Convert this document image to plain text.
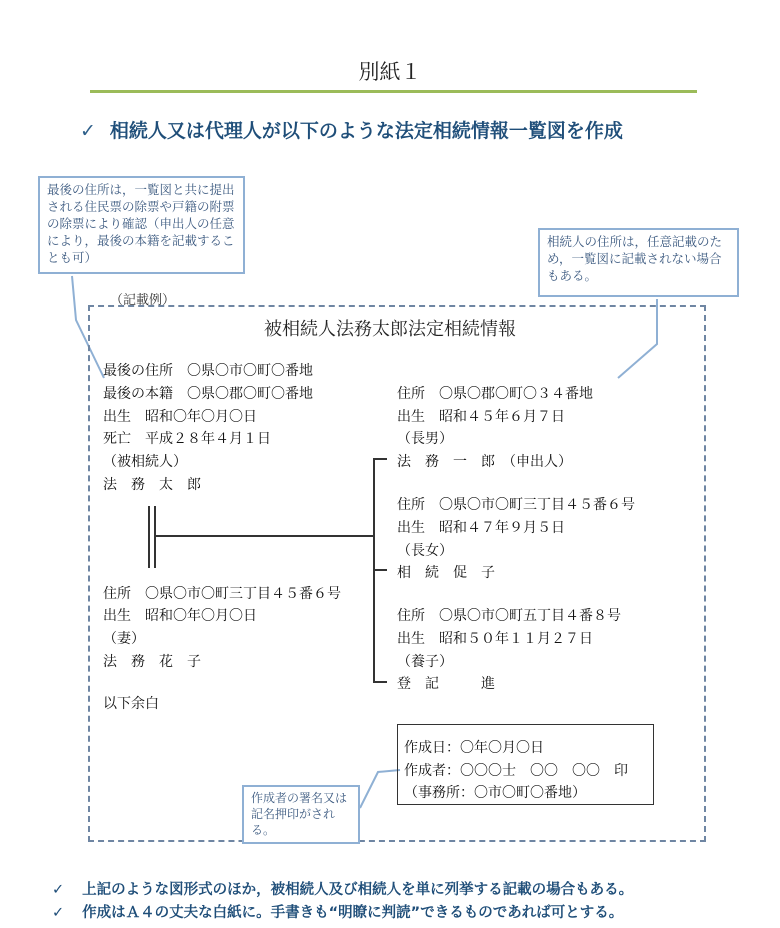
別紙１
✓ 相続人又は代理人が以下のような法定相続情報一覧図を作成
最後の住所は，一覧図と共に提出される住民票の除票や戸籍の附票の除票により確認（申出人の任意により，最後の本籍を記載することも可）
相続人の住所は，任意記載のため，一覧図に記載されない場合もある。
（記載例）
被相続人法務太郎法定相続情報
最後の住所　〇県〇市〇町〇番地
最後の本籍　〇県〇郡〇町〇番地
出生　昭和〇年〇月〇日
死亡　平成２８年４月１日
（被相続人）
法　務　太　郎
住所　〇県〇市〇町三丁目４５番６号
出生　昭和〇年〇月〇日
（妻）
法　務　花　子
以下余白
住所　〇県〇郡〇町〇３４番地
出生　昭和４５年６月７日
（長男）
法　務　一　郎　（申出人）
住所　〇県〇市〇町三丁目４５番６号
出生　昭和４７年９月５日
（長女）
相　続　促　子
住所　〇県〇市〇町五丁目４番８号
出生　昭和５０年１１月２７日
（養子）
登　記　　　進
作成日：〇年〇月〇日
作成者：〇〇〇士　〇〇　〇〇　印
（事務所：〇市〇町〇番地）
作成者の署名又は記名押印がされる。
✓ 上記のような図形式のほか，被相続人及び相続人を単に列挙する記載の場合もある。
✓ 作成はＡ４の丈夫な白紙に。手書きも“明瞭に判読”できるものであれば可とする。
